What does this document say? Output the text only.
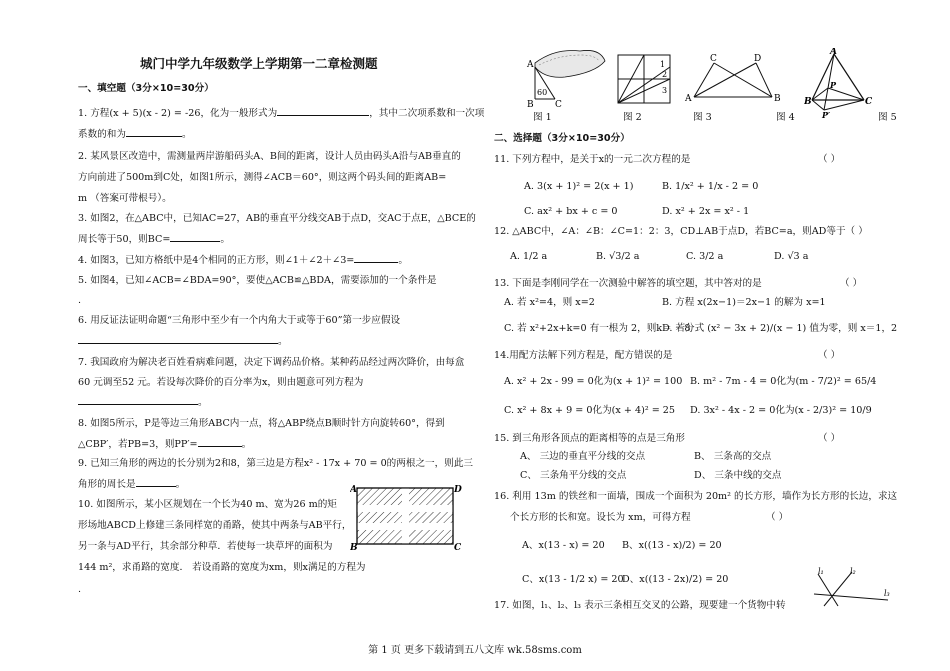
城门中学九年级数学上学期第一二章检测题
一、填空题（3分×10=30分）
1. 方程(x + 5)(x - 2) = -26，化为一般形式为	，其中二次项系数和一次项
系数的和为	。
2. 某风景区改造中，需测量两岸游船码头A、B间的距离，设计人员由码头A沿与AB垂直的
方向前进了500m到C处，如图1所示，测得∠ACB＝60°，则这两个码头间的距离AB=
m （答案可带根号）。
3. 如图2，在△ABC中，已知AC=27，AB的垂直平分线交AB于点D，交AC于点E，△BCE的
周长等于50，则BC=	。
4. 如图3，已知方格纸中是4个相同的正方形，则∠1＋∠2＋∠3=	。
5. 如图4，已知∠ACB=∠BDA=90°，要使△ACB≌△BDA，需要添加的一个条件是
.
6. 用反证法证明命题“三角形中至少有一个内角大于或等于60”第一步应假设
。
7. 我国政府为解决老百姓看病难问题，决定下调药品价格。某种药品经过两次降价，由每盒
60 元调至52 元。若设每次降价的百分率为x，则由题意可列方程为
。
8. 如图5所示，P是等边三角形ABC内一点，将△ABP绕点B顺时针方向旋转60°，得到
△CBP′，若PB=3，则PP′=	。
9. 已知三角形的两边的长分别为2和8，第三边是方程x² - 17x + 70 = 0的两根之一，则此三
角形的周长是	。
10. 如图所示，某小区规划在一个长为40 m、宽为26 m的矩
形场地ABCD上修建三条同样宽的甬路，使其中两条与AB平行，
另一条与AD平行，其余部分种草．若使每一块草坪的面积为
144 m²，求甬路的宽度． 若设甬路的宽度为xm，则x满足的方程为
.
A	D
B	C
A
B C
60
图 1
1
2
3
图 2
A	B
C	D
图 3	图 4
A
B	C
P
P′	图 5
二、选择题（3分×10=30分）
11. 下列方程中，是关于x的一元二次方程的是	（ ）
A. 3(x + 1)² = 2(x + 1)	B. 1/x² + 1/x - 2 = 0
C. ax² + bx + c = 0	D. x² + 2x = x² - 1
12. △ABC中，∠A：∠B：∠C=1：2：3，CD⊥AB于点D，若BC=a，则AD等于（ ）
A. 1/2 a	B. √3/2 a	C. 3/2 a	D. √3 a
13. 下面是李刚同学在一次测验中解答的填空题，其中答对的是	（ ）
A. 若 x²=4，则 x=2	B. 方程 x(2x−1)＝2x−1 的解为 x=1
C. 若 x²+2x+k=0 有一根为 2，则k＝ －8
D. 若分式 (x² − 3x + 2)/(x − 1) 值为零，则 x＝1，2
14.用配方法解下列方程是，配方错误的是	（ ）
A. x² + 2x - 99 = 0化为(x + 1)² = 100 B. m² - 7m - 4 = 0化为(m - 7/2)² = 65/4
C. x² + 8x + 9 = 0化为(x + 4)² = 25 D. 3x² - 4x - 2 = 0化为(x - 2/3)² = 10/9
15. 到三角形各顶点的距离相等的点是三角形	（ ）
A、 三边的垂直平分线的交点	B、 三条高的交点
C、 三条角平分线的交点	D、 三条中线的交点
16. 利用 13m 的铁丝和一面墙，围成一个面积为 20m² 的长方形，墙作为长方形的长边，求这
个长方形的长和宽。设长为 xm，可得方程	（ ）
A、x(13 - x) = 20 B、x((13 - x)/2) = 20
C、x(13 - 1/2 x) = 20
D、x((13 - 2x)/2) = 20
17. 如图，l₁、l₂、l₃ 表示三条相互交叉的公路，现要建一个货物中转
l₁	l₂
l₃
第 1 页 更多下载请到五八文库 wk.58sms.com
